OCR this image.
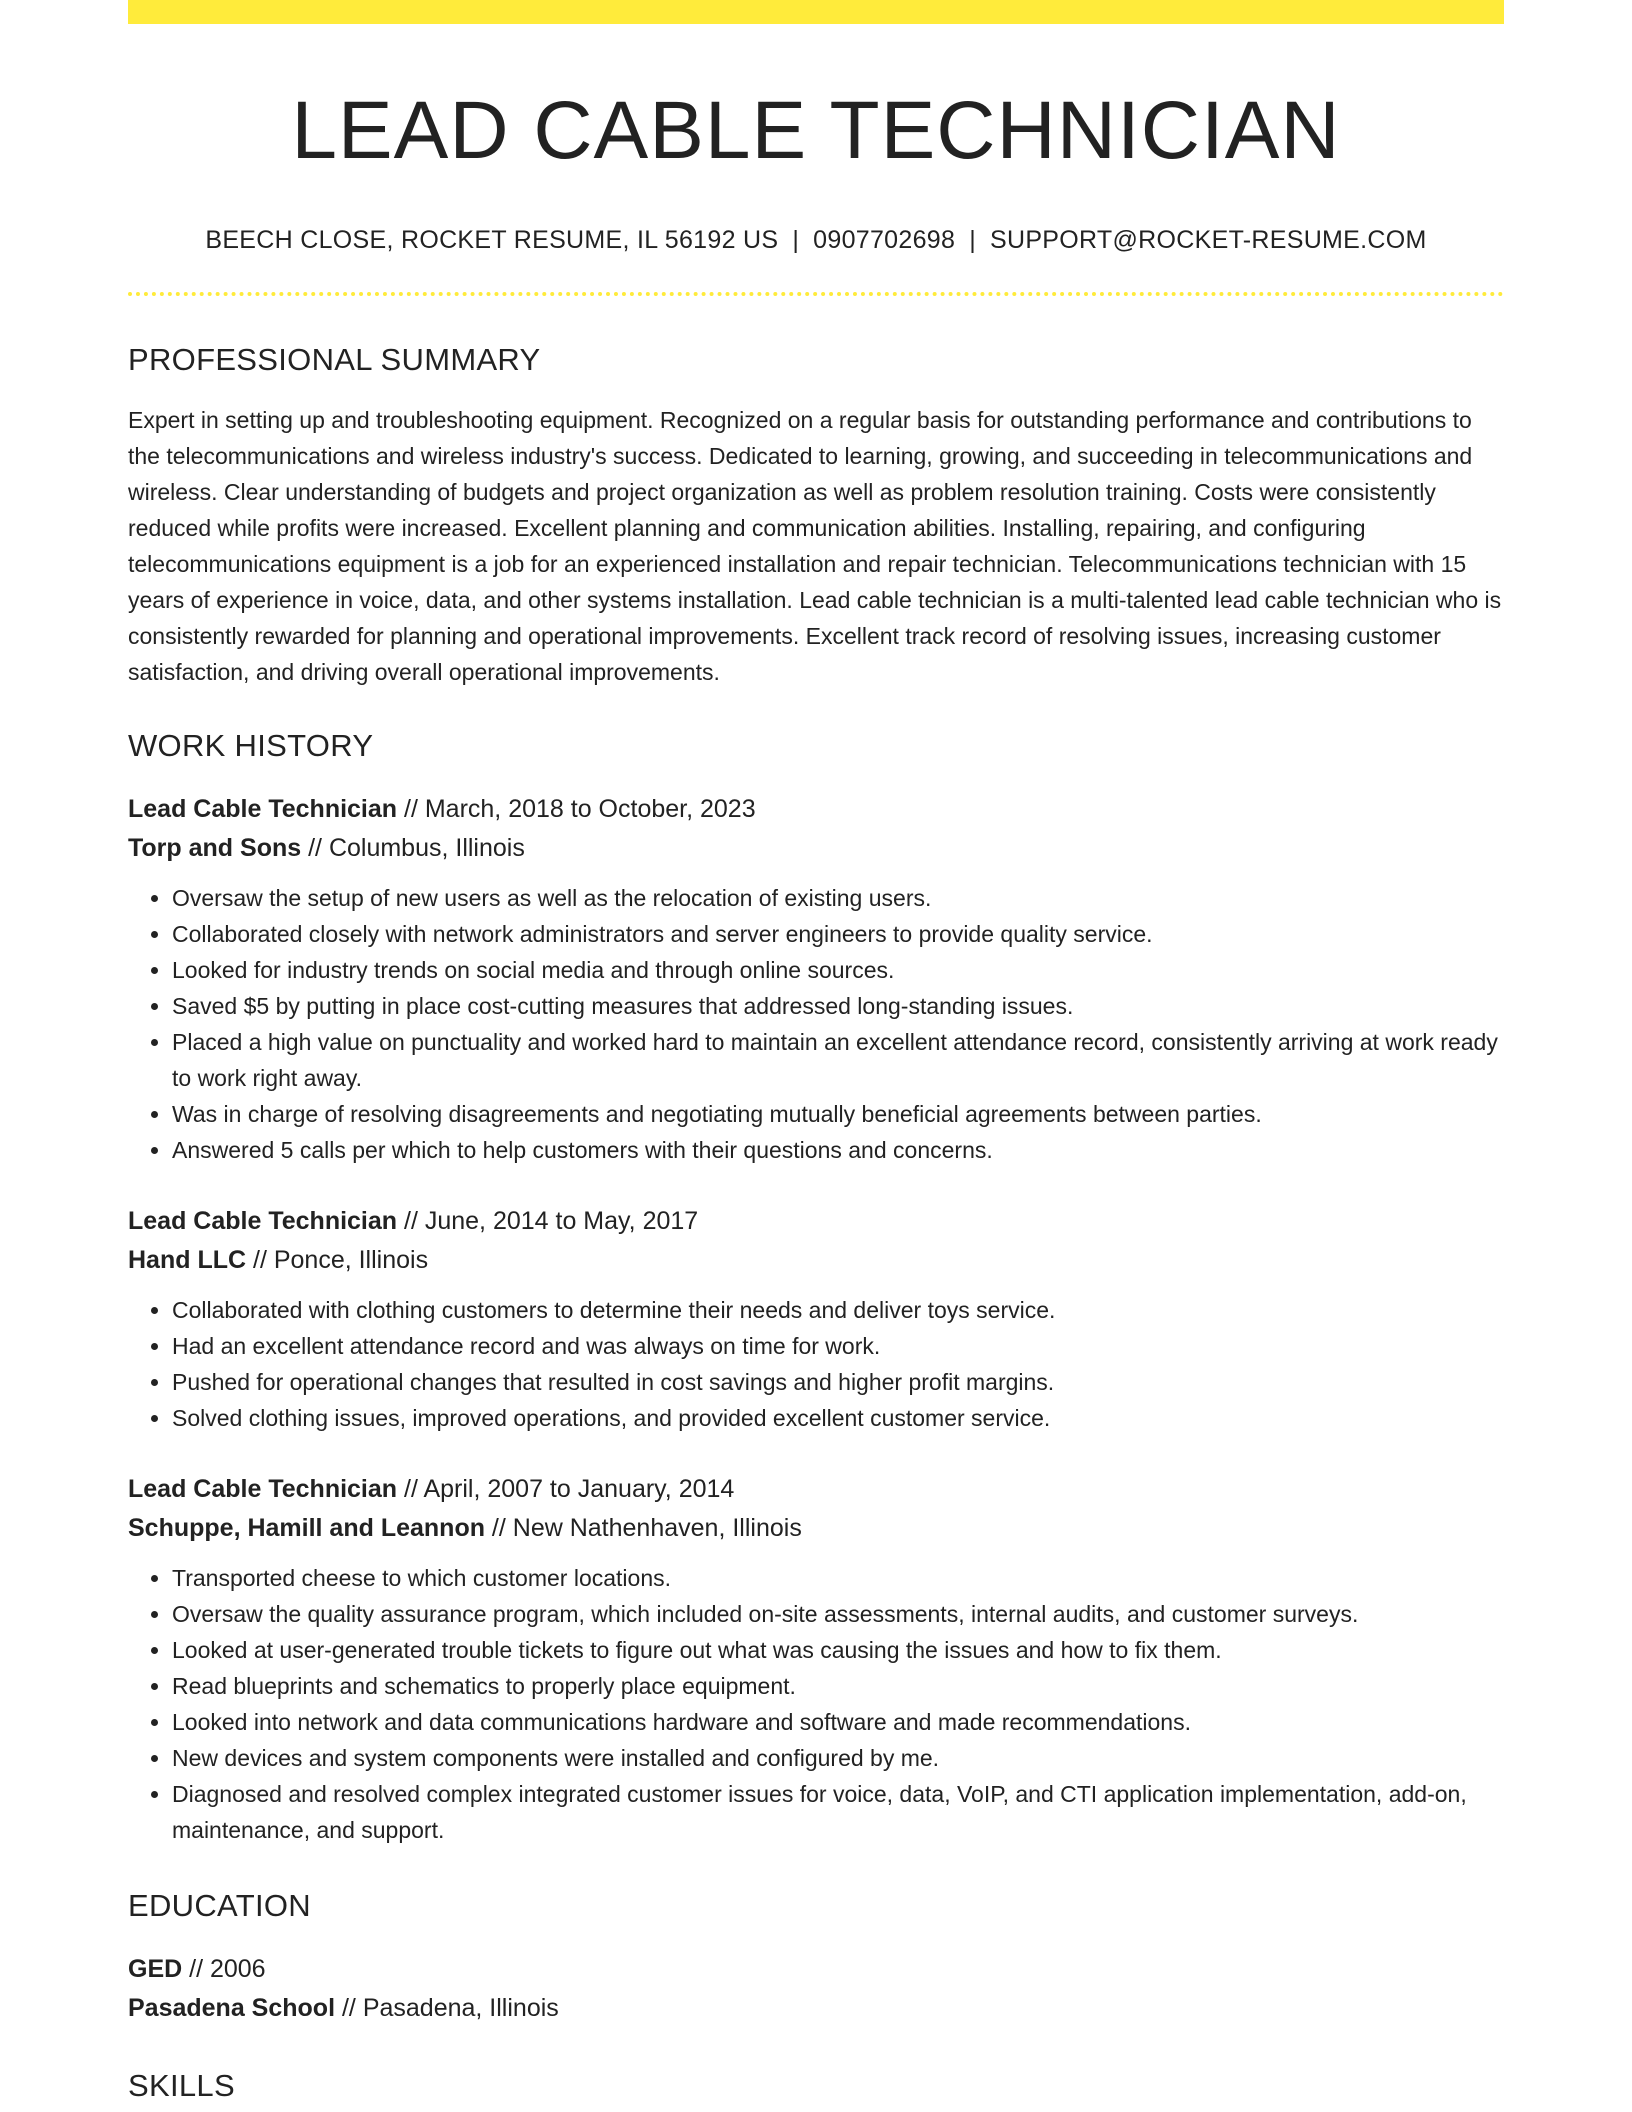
LEAD CABLE TECHNICIAN
BEECH CLOSE, ROCKET RESUME, IL 56192 US | 0907702698 | SUPPORT@ROCKET-RESUME.COM
PROFESSIONAL SUMMARY
Expert in setting up and troubleshooting equipment. Recognized on a regular basis for outstanding performance and contributions to the telecommunications and wireless industry's success. Dedicated to learning, growing, and succeeding in telecommunications and wireless. Clear understanding of budgets and project organization as well as problem resolution training. Costs were consistently reduced while profits were increased. Excellent planning and communication abilities. Installing, repairing, and configuring telecommunications equipment is a job for an experienced installation and repair technician. Telecommunications technician with 15 years of experience in voice, data, and other systems installation. Lead cable technician is a multi-talented lead cable technician who is consistently rewarded for planning and operational improvements. Excellent track record of resolving issues, increasing customer satisfaction, and driving overall operational improvements.
WORK HISTORY
Lead Cable Technician // March, 2018 to October, 2023
Torp and Sons // Columbus, Illinois
• Oversaw the setup of new users as well as the relocation of existing users.
• Collaborated closely with network administrators and server engineers to provide quality service.
• Looked for industry trends on social media and through online sources.
• Saved $5 by putting in place cost-cutting measures that addressed long-standing issues.
• Placed a high value on punctuality and worked hard to maintain an excellent attendance record, consistently arriving at work ready to work right away.
• Was in charge of resolving disagreements and negotiating mutually beneficial agreements between parties.
• Answered 5 calls per which to help customers with their questions and concerns.
Lead Cable Technician // June, 2014 to May, 2017
Hand LLC // Ponce, Illinois
• Collaborated with clothing customers to determine their needs and deliver toys service.
• Had an excellent attendance record and was always on time for work.
• Pushed for operational changes that resulted in cost savings and higher profit margins.
• Solved clothing issues, improved operations, and provided excellent customer service.
Lead Cable Technician // April, 2007 to January, 2014
Schuppe, Hamill and Leannon // New Nathenhaven, Illinois
• Transported cheese to which customer locations.
• Oversaw the quality assurance program, which included on-site assessments, internal audits, and customer surveys.
• Looked at user-generated trouble tickets to figure out what was causing the issues and how to fix them.
• Read blueprints and schematics to properly place equipment.
• Looked into network and data communications hardware and software and made recommendations.
• New devices and system components were installed and configured by me.
• Diagnosed and resolved complex integrated customer issues for voice, data, VoIP, and CTI application implementation, add-on, maintenance, and support.
EDUCATION
GED // 2006
Pasadena School // Pasadena, Illinois
SKILLS
